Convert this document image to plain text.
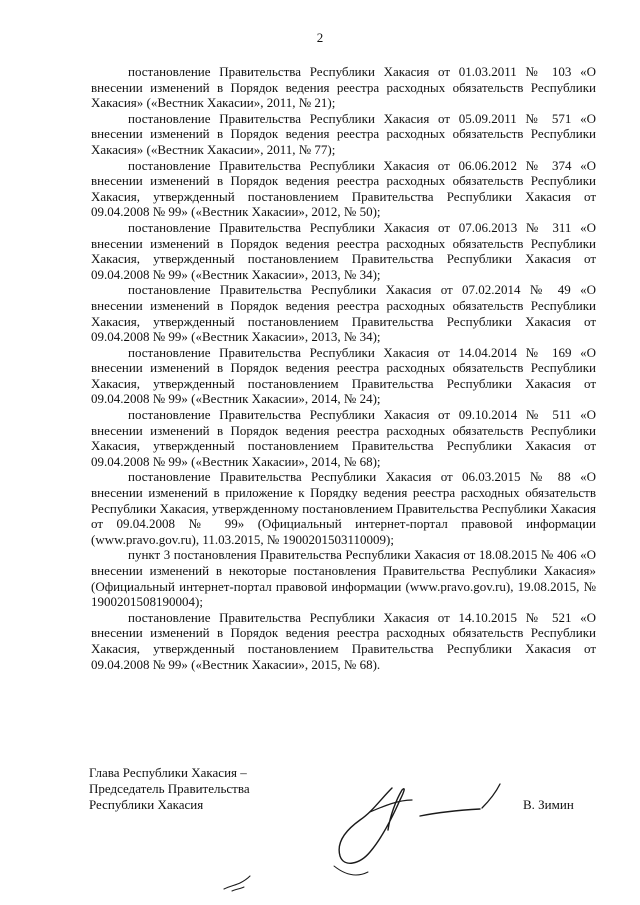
2

постановление Правительства Республики Хакасия от 01.03.2011 № 103 «О внесении изменений в Порядок ведения реестра расходных обязательств Республики Хакасия» («Вестник Хакасии», 2011, № 21);

постановление Правительства Республики Хакасия от 05.09.2011 № 571 «О внесении изменений в Порядок ведения реестра расходных обязательств Республики Хакасия» («Вестник Хакасии», 2011, № 77);

постановление Правительства Республики Хакасия от 06.06.2012 № 374 «О внесении изменений в Порядок ведения реестра расходных обязательств Республики Хакасия, утвержденный постановлением Правительства Республики Хакасия от 09.04.2008 № 99» («Вестник Хакасии», 2012, № 50);

постановление Правительства Республики Хакасия от 07.06.2013 № 311 «О внесении изменений в Порядок ведения реестра расходных обязательств Республики Хакасия, утвержденный постановлением Правительства Республики Хакасия от 09.04.2008 № 99» («Вестник Хакасии», 2013, № 34);

постановление Правительства Республики Хакасия от 07.02.2014 № 49 «О внесении изменений в Порядок ведения реестра расходных обязательств Республики Хакасия, утвержденный постановлением Правительства Республики Хакасия от 09.04.2008 № 99» («Вестник Хакасии», 2013, № 34);

постановление Правительства Республики Хакасия от 14.04.2014 № 169 «О внесении изменений в Порядок ведения реестра расходных обязательств Республики Хакасия, утвержденный постановлением Правительства Республики Хакасия от 09.04.2008 № 99» («Вестник Хакасии», 2014, № 24);

постановление Правительства Республики Хакасия от 09.10.2014 № 511 «О внесении изменений в Порядок ведения реестра расходных обязательств Республики Хакасия, утвержденный постановлением Правительства Республики Хакасия от 09.04.2008 № 99» («Вестник Хакасии», 2014, № 68);

постановление Правительства Республики Хакасия от 06.03.2015 № 88 «О внесении изменений в приложение к Порядку ведения реестра расходных обязательств Республики Хакасия, утвержденному постановлением Правительства Республики Хакасия от 09.04.2008 № 99» (Официальный интернет-портал правовой информации (www.pravo.gov.ru), 11.03.2015, № 1900201503110009);

пункт 3 постановления Правительства Республики Хакасия от 18.08.2015 № 406 «О внесении изменений в некоторые постановления Правительства Республики Хакасия» (Официальный интернет-портал правовой информации (www.pravo.gov.ru), 19.08.2015, № 1900201508190004);

постановление Правительства Республики Хакасия от 14.10.2015 № 521 «О внесении изменений в Порядок ведения реестра расходных обязательств Республики Хакасия, утвержденный постановлением Правительства Республики Хакасия от 09.04.2008 № 99» («Вестник Хакасии», 2015, № 68).

Глава Республики Хакасия –
Председатель Правительства
Республики Хакасия	В. Зимин
